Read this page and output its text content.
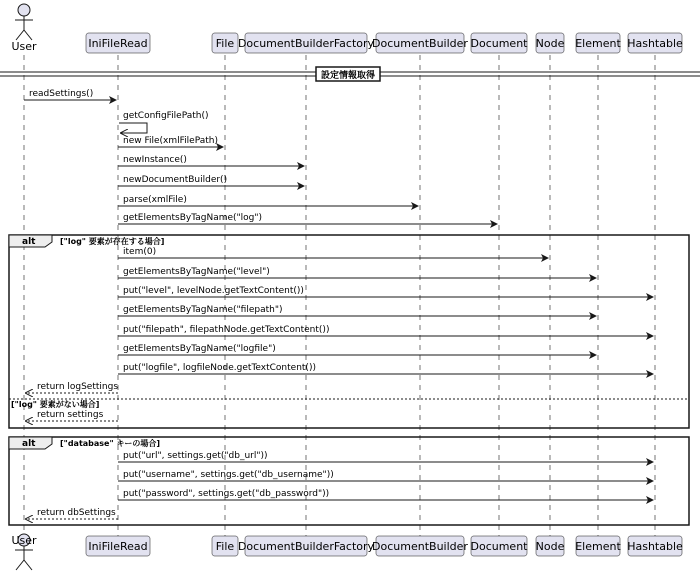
設定情報取得
alt	["log" 要素が存在する場合]
["log" 要素がない場合]
alt	["database" キーの場合]
readSettings()
getConfigFilePath()
new File(xmlFilePath)
newInstance()
newDocumentBuilder()
parse(xmlFile)
getElementsByTagName("log")
item(0)
getElementsByTagName("level")
put("level", levelNode.getTextContent())
getElementsByTagName("filepath")
put("filepath", filepathNode.getTextContent())
getElementsByTagName("logfile")
put("logfile", logfileNode.getTextContent())
return logSettings
return settings
put("url", settings.get("db_url"))
put("username", settings.get("db_username"))
put("password", settings.get("db_password"))
return dbSettings
User
User
IniFileRead
IniFileRead
File
File
DocumentBuilderFactory
DocumentBuilderFactory
DocumentBuilder
DocumentBuilder
Document
Document
Node
Node
Element
Element
Hashtable
Hashtable
